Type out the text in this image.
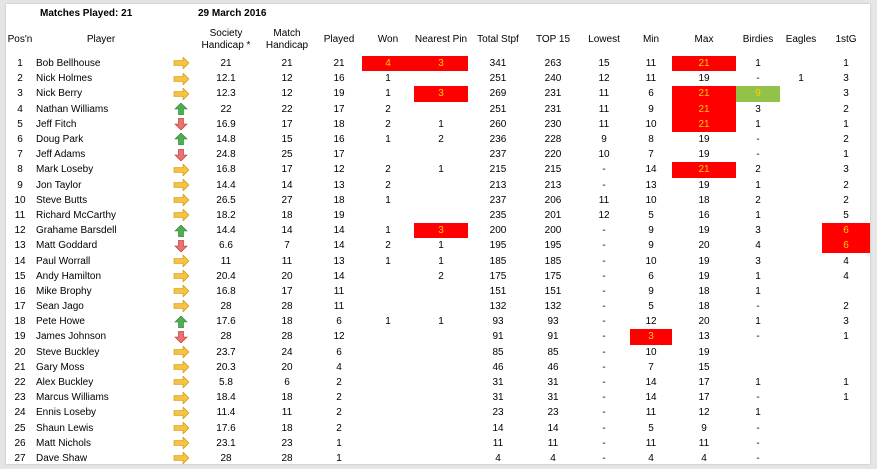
Matches Played: 21	29 March 2016
Pos'n	Player		Society Handicap *	Match Handicap	Played	Won	Nearest Pin	Total Stpf	TOP 15	Lowest	Min	Max	Birdies	Eagles	1stG
1	Bob Bellhouse		21	21	21	4	3	341	263	15	11	21	1		1
2	Nick Holmes		12.1	12	16	1		251	240	12	11	19	-	1	3
3	Nick Berry		12.3	12	19	1	3	269	231	11	6	21	9		3
4	Nathan Williams		22	22	17	2		251	231	11	9	21	3		2
5	Jeff Fitch		16.9	17	18	2	1	260	230	11	10	21	1		1
6	Doug Park		14.8	15	16	1	2	236	228	9	8	19	-		2
7	Jeff Adams		24.8	25	17			237	220	10	7	19	-		1
8	Mark Loseby		16.8	17	12	2	1	215	215	-	14	21	2		3
9	Jon Taylor		14.4	14	13	2		213	213	-	13	19	1		2
10	Steve Butts		26.5	27	18	1		237	206	11	10	18	2		2
11	Richard McCarthy		18.2	18	19			235	201	12	5	16	1		5
12	Grahame Barsdell		14.4	14	14	1	3	200	200	-	9	19	3		6
13	Matt Goddard		6.6	7	14	2	1	195	195	-	9	20	4		6
14	Paul Worrall		11	11	13	1	1	185	185	-	10	19	3		4
15	Andy Hamilton		20.4	20	14		2	175	175	-	6	19	1		4
16	Mike Brophy		16.8	17	11			151	151	-	9	18	1		
17	Sean Jago		28	28	11			132	132	-	5	18	-		2
18	Pete Howe		17.6	18	6	1	1	93	93	-	12	20	1		3
19	James Johnson		28	28	12			91	91	-	3	13	-		1
20	Steve Buckley		23.7	24	6			85	85	-	10	19			
21	Gary Moss		20.3	20	4			46	46	-	7	15			
22	Alex Buckley		5.8	6	2			31	31	-	14	17	1		1
23	Marcus Williams		18.4	18	2			31	31	-	14	17	-		1
24	Ennis Loseby		11.4	11	2			23	23	-	11	12	1		
25	Shaun Lewis		17.6	18	2			14	14	-	5	9	-		
26	Matt Nichols		23.1	23	1			11	11	-	11	11	-		
27	Dave Shaw		28	28	1			4	4	-	4	4	-		
